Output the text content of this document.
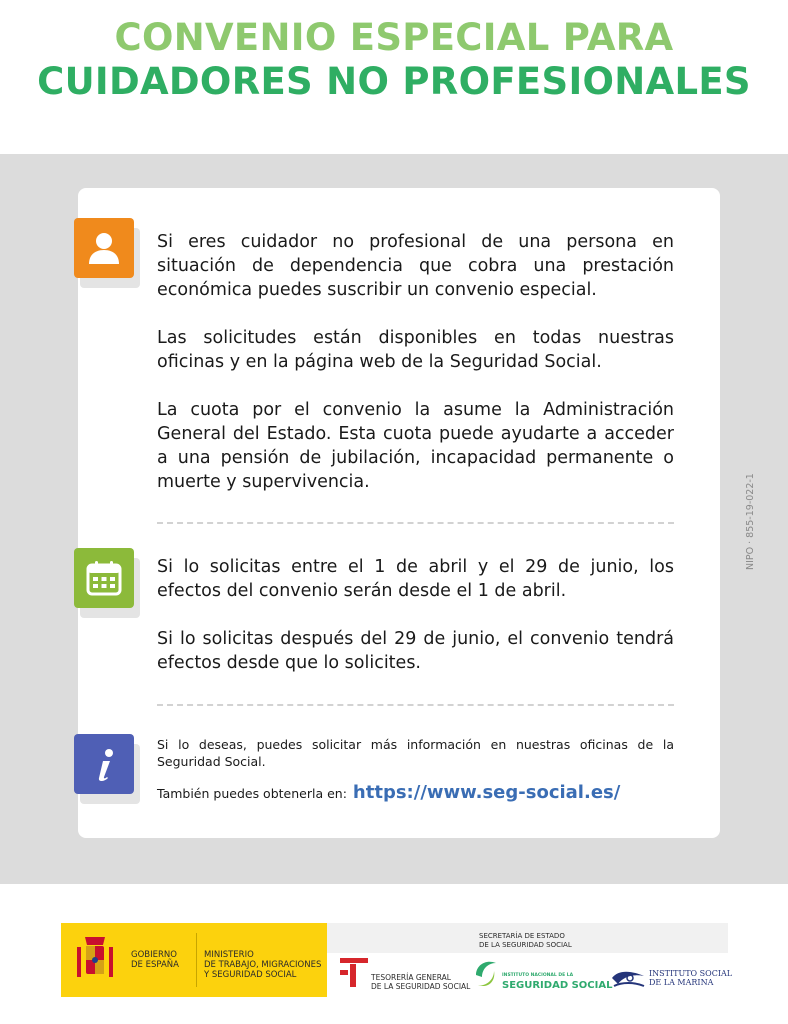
CONVENIO ESPECIAL PARA
CUIDADORES NO PROFESIONALES
Si eres cuidador no profesional de una persona en situación de dependencia que cobra una prestación económica puedes suscribir un convenio especial.
Las solicitudes están disponibles en todas nuestras oficinas y en la página web de la Seguridad Social.
La cuota por el convenio la asume la Administración General del Estado. Esta cuota puede ayudarte a acceder a una pensión de jubilación, incapacidad permanente o muerte y supervivencia.
Si lo solicitas entre el 1 de abril y el 29 de junio, los efectos del convenio serán desde el 1 de abril.
Si lo solicitas después del 29 de junio, el convenio tendrá efectos desde que lo solicites.
Si lo deseas, puedes solicitar más información en nuestras oficinas de la Seguridad Social.
También puedes obtenerla en: https://www.seg-social.es/
NIPO · 855-19-022-1
GOBIERNO
DE ESPAÑA
MINISTERIO
DE TRABAJO, MIGRACIONES
Y SEGURIDAD SOCIAL
SECRETARÍA DE ESTADO
DE LA SEGURIDAD SOCIAL
TESORERÍA GENERAL
DE LA SEGURIDAD SOCIAL
INSTITUTO NACIONAL DE LA
SEGURIDAD SOCIAL
INSTITUTO SOCIAL
DE LA MARINA
